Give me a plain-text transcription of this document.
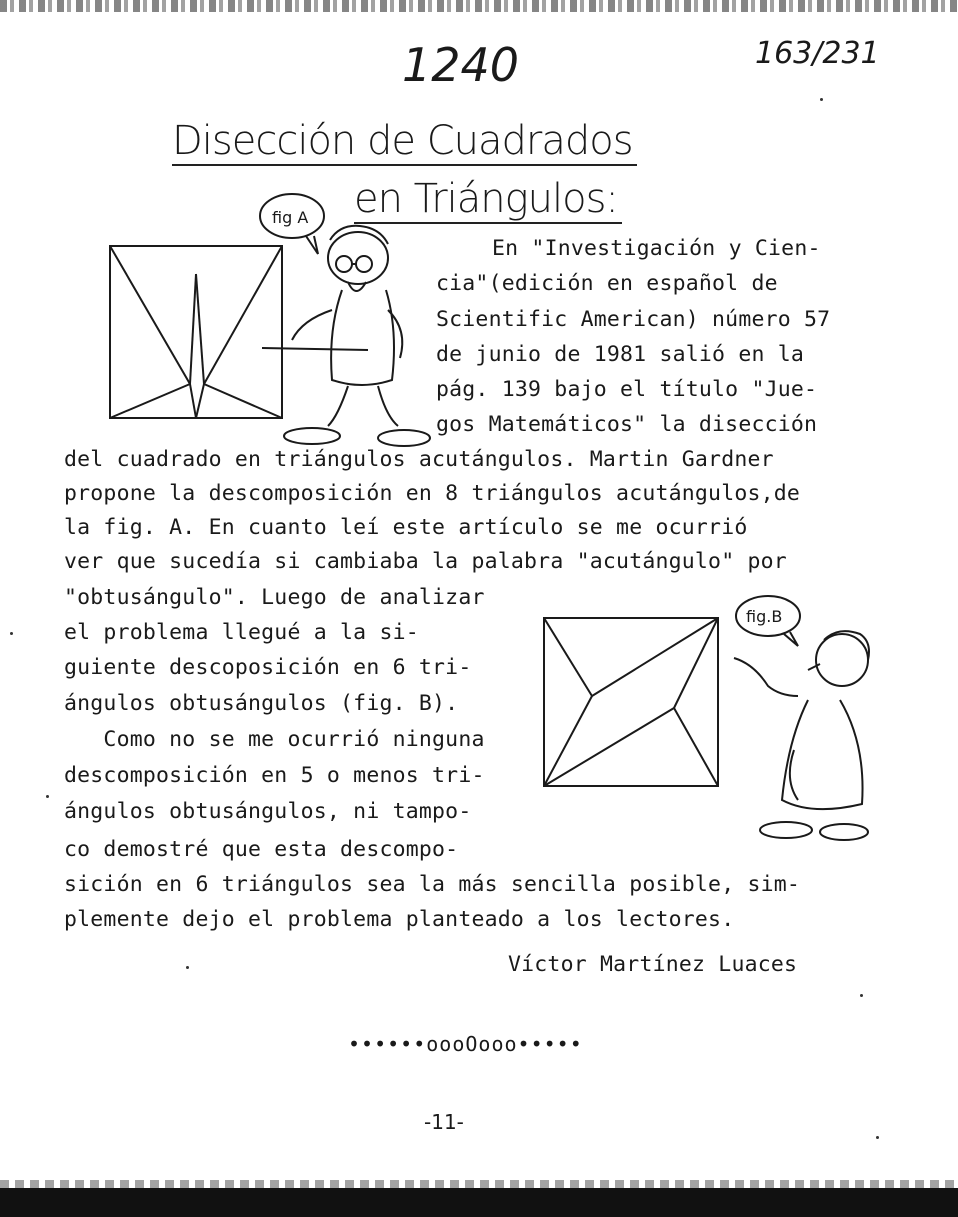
1240	163/231
Disección de Cuadrados
en Triángulos:
fig A
fig.B
En "Investigación y Cien-
cia"(edición en español de
Scientific American) número 57
de junio de 1981 salió en la
pág. 139 bajo el título "Jue-
gos Matemáticos" la disección
del cuadrado en triángulos acutángulos. Martin Gardner
propone la descomposición en 8 triángulos acutángulos,de
la fig. A. En cuanto leí este artículo se me ocurrió
ver que sucedía si cambiaba la palabra "acutángulo" por
"obtusángulo". Luego de analizar
el problema llegué a la si-
guiente descoposición en 6 tri-
ángulos obtusángulos (fig. B).
Como no se me ocurrió ninguna
descomposición en 5 o menos tri-
ángulos obtusángulos, ni tampo-
co demostré que esta descompo-
sición en 6 triángulos sea la más sencilla posible, sim-
plemente dejo el problema planteado a los lectores.
Víctor Martínez Luaces
••••••oooOooo•••••
-11-
